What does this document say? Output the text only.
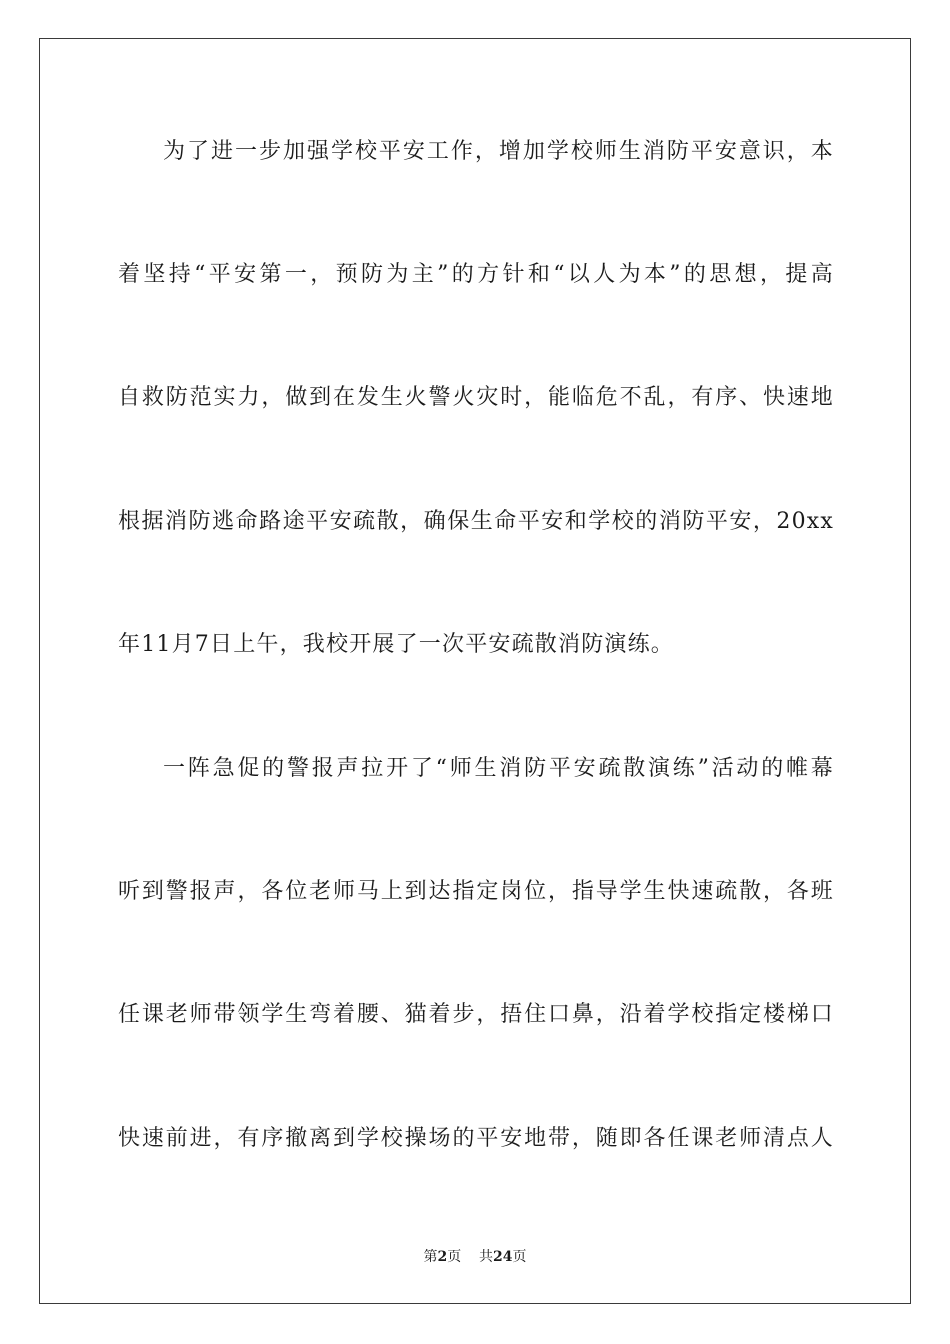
为了进一步加强学校平安工作，增加学校师生消防平安意识，本
着坚持“平安第一，预防为主”的方针和“以人为本”的思想，提高
自救防范实力，做到在发生火警火灾时，能临危不乱，有序、快速地
根据消防逃命路途平安疏散，确保生命平安和学校的消防平安，20xx
年11月7日上午，我校开展了一次平安疏散消防演练。
一阵急促的警报声拉开了“师生消防平安疏散演练”活动的帷幕
听到警报声，各位老师马上到达指定岗位，指导学生快速疏散，各班
任课老师带领学生弯着腰、猫着步，捂住口鼻，沿着学校指定楼梯口
快速前进，有序撤离到学校操场的平安地带，随即各任课老师清点人
第2页 共24页
